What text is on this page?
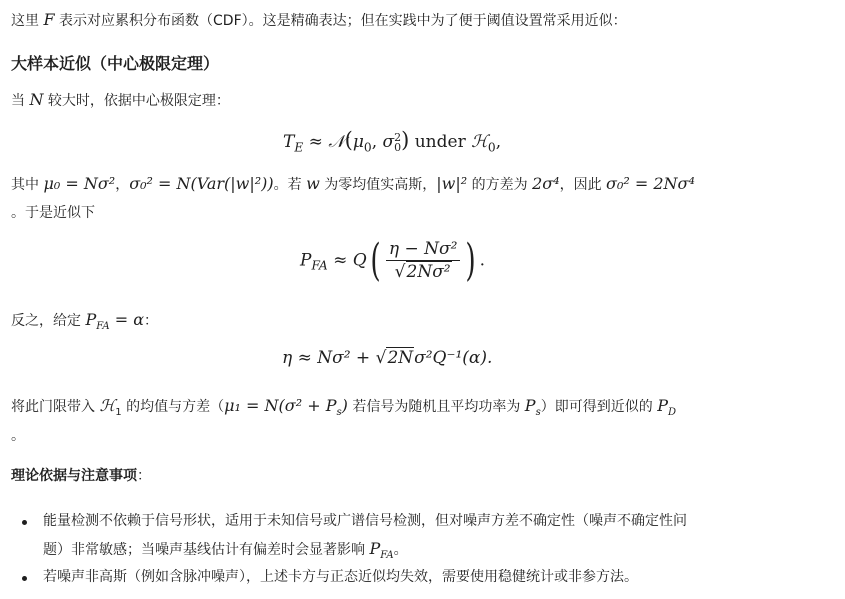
这里 F 表示对应累积分布函数（CDF）。这是精确表达；但在实践中为了便于阈值设置常采用近似：
大样本近似（中心极限定理）
当 N 较大时，依据中心极限定理：
$T_E$ ≈ $𝒩(\mu_0$, σ 2
0 ) under ℋ$_0$,
其中 μ₀ = Nσ²，σ₀² = N(Var(|w|²))。若 w 为零均值实高斯，|w|² 的方差为 2σ⁴，因此 σ₀² = 2Nσ⁴
。于是近似下
$P_{FA} \approx Q( \frac{\text{η − Nσ²}}{\text{√2Nσ²}}$ ) .
反之，给定 $P_{FA} = \alpha$：
η ≈ Nσ² + √2Nσ²Q⁻¹(α).
将此门限带入 ℋ$_1$ 的均值与方差（$\mu_1 = N(\sigma^2 + P_s)$ 若信号为随机且平均功率为 $P_s$）即可得到近似的 $P_D$
。
理论依据与注意事项：
能量检测不依赖于信号形状，适用于未知信号或广谱信号检测，但对噪声方差不确定性（噪声不确定性问
题）非常敏感；当噪声基线估计有偏差时会显著影响 $P_{FA}$。
若噪声非高斯（例如含脉冲噪声），上述卡方与正态近似均失效，需要使用稳健统计或非参方法。
